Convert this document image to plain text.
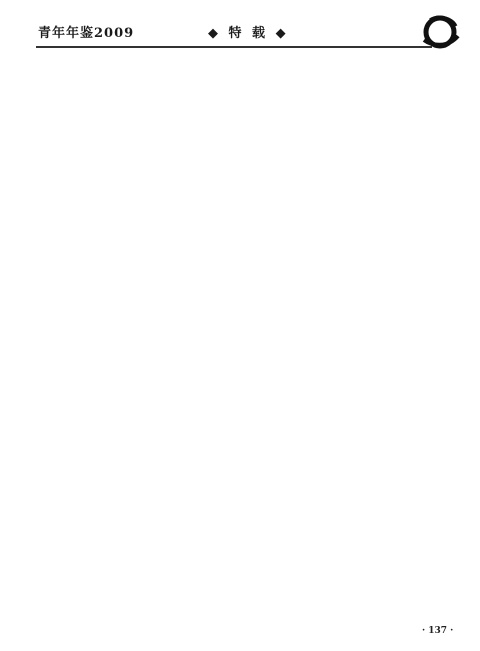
青年年鉴2009	◆ 特 载 ◆

· 137 ·
